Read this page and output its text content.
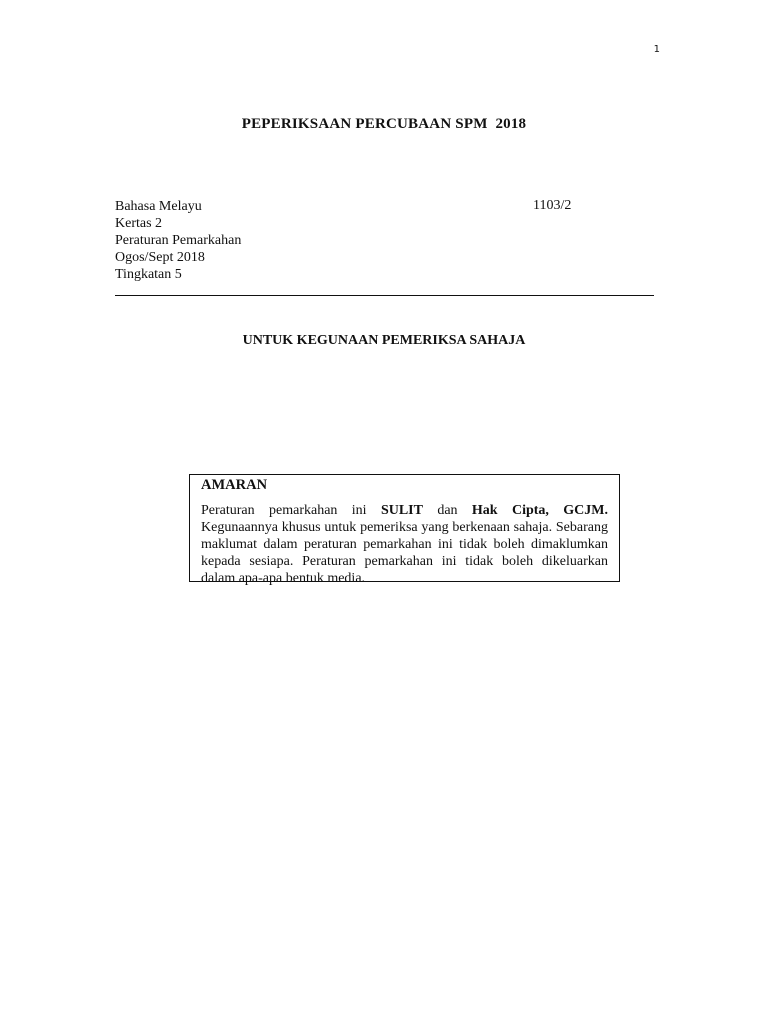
1
PEPERIKSAAN PERCUBAAN SPM  2018
Bahasa Melayu
Kertas 2
Peraturan Pemarkahan
Ogos/Sept 2018
Tingkatan 5
1103/2
UNTUK KEGUNAAN PEMERIKSA SAHAJA
AMARAN

Peraturan pemarkahan ini SULIT dan Hak Cipta, GCJM. Kegunaannya khusus untuk pemeriksa yang berkenaan sahaja. Sebarang maklumat dalam peraturan pemarkahan ini tidak boleh dimaklumkan kepada sesiapa. Peraturan pemarkahan ini tidak boleh dikeluarkan dalam apa-apa bentuk media.
